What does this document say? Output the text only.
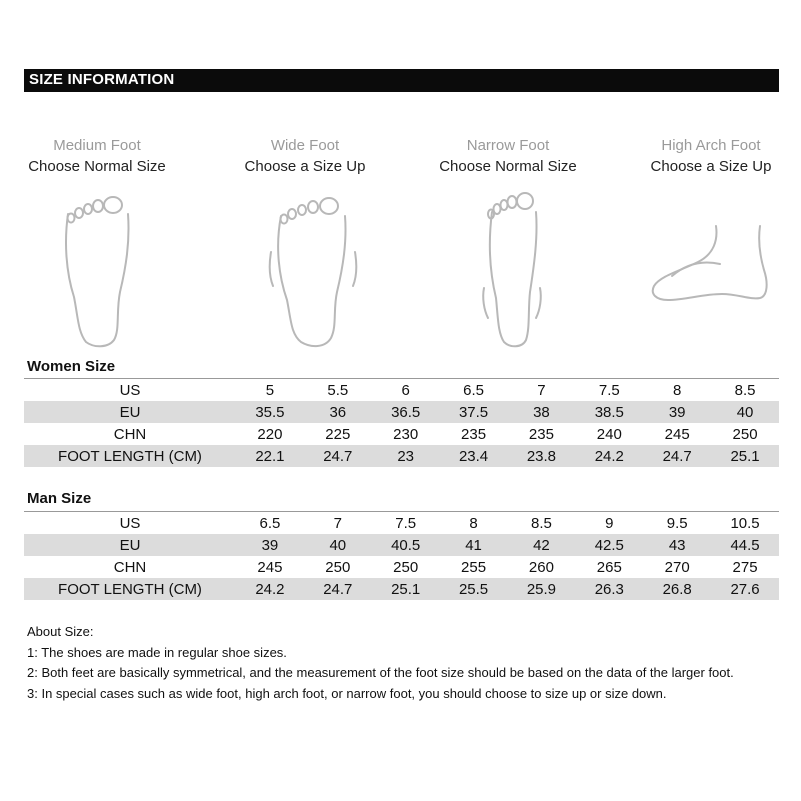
SIZE INFORMATION
Medium Foot
Choose Normal Size
Wide Foot
Choose a Size Up
Narrow Foot
Choose Normal Size
High Arch Foot
Choose a Size Up
Women Size
US	5	5.5	6	6.5	7	7.5	8	8.5
EU	35.5	36	36.5	37.5	38	38.5	39	40
CHN	220	225	230	235	235	240	245	250
FOOT LENGTH (CM)	22.1	24.7	23	23.4	23.8	24.2	24.7	25.1
Man Size
US	6.5	7	7.5	8	8.5	9	9.5	10.5
EU	39	40	40.5	41	42	42.5	43	44.5
CHN	245	250	250	255	260	265	270	275
FOOT LENGTH (CM)	24.2	24.7	25.1	25.5	25.9	26.3	26.8	27.6
About Size:
1: The shoes are made in regular shoe sizes.
2: Both feet are basically symmetrical, and the measurement of the foot size should be based on the data of the larger foot.
3: In special cases such as wide foot, high arch foot, or narrow foot, you should choose to size up or size down.
